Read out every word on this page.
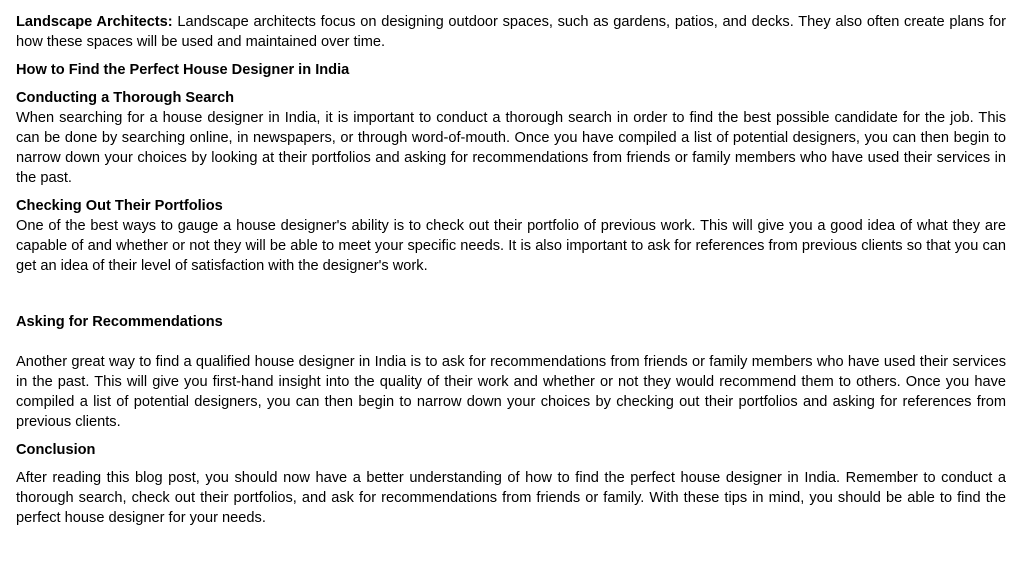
Landscape Architects: Landscape architects focus on designing outdoor spaces, such as gardens, patios, and decks. They also often create plans for how these spaces will be used and maintained over time.

How to Find the Perfect House Designer in India

Conducting a Thorough Search

When searching for a house designer in India, it is important to conduct a thorough search in order to find the best possible candidate for the job. This can be done by searching online, in newspapers, or through word-of-mouth. Once you have compiled a list of potential designers, you can then begin to narrow down your choices by looking at their portfolios and asking for recommendations from friends or family members who have used their services in the past.

Checking Out Their Portfolios

One of the best ways to gauge a house designer's ability is to check out their portfolio of previous work. This will give you a good idea of what they are capable of and whether or not they will be able to meet your specific needs. It is also important to ask for references from previous clients so that you can get an idea of their level of satisfaction with the designer's work.

Asking for Recommendations

Another great way to find a qualified house designer in India is to ask for recommendations from friends or family members who have used their services in the past. This will give you first-hand insight into the quality of their work and whether or not they would recommend them to others. Once you have compiled a list of potential designers, you can then begin to narrow down your choices by checking out their portfolios and asking for references from previous clients.

Conclusion

After reading this blog post, you should now have a better understanding of how to find the perfect house designer in India. Remember to conduct a thorough search, check out their portfolios, and ask for recommendations from friends or family. With these tips in mind, you should be able to find the perfect house designer for your needs.
